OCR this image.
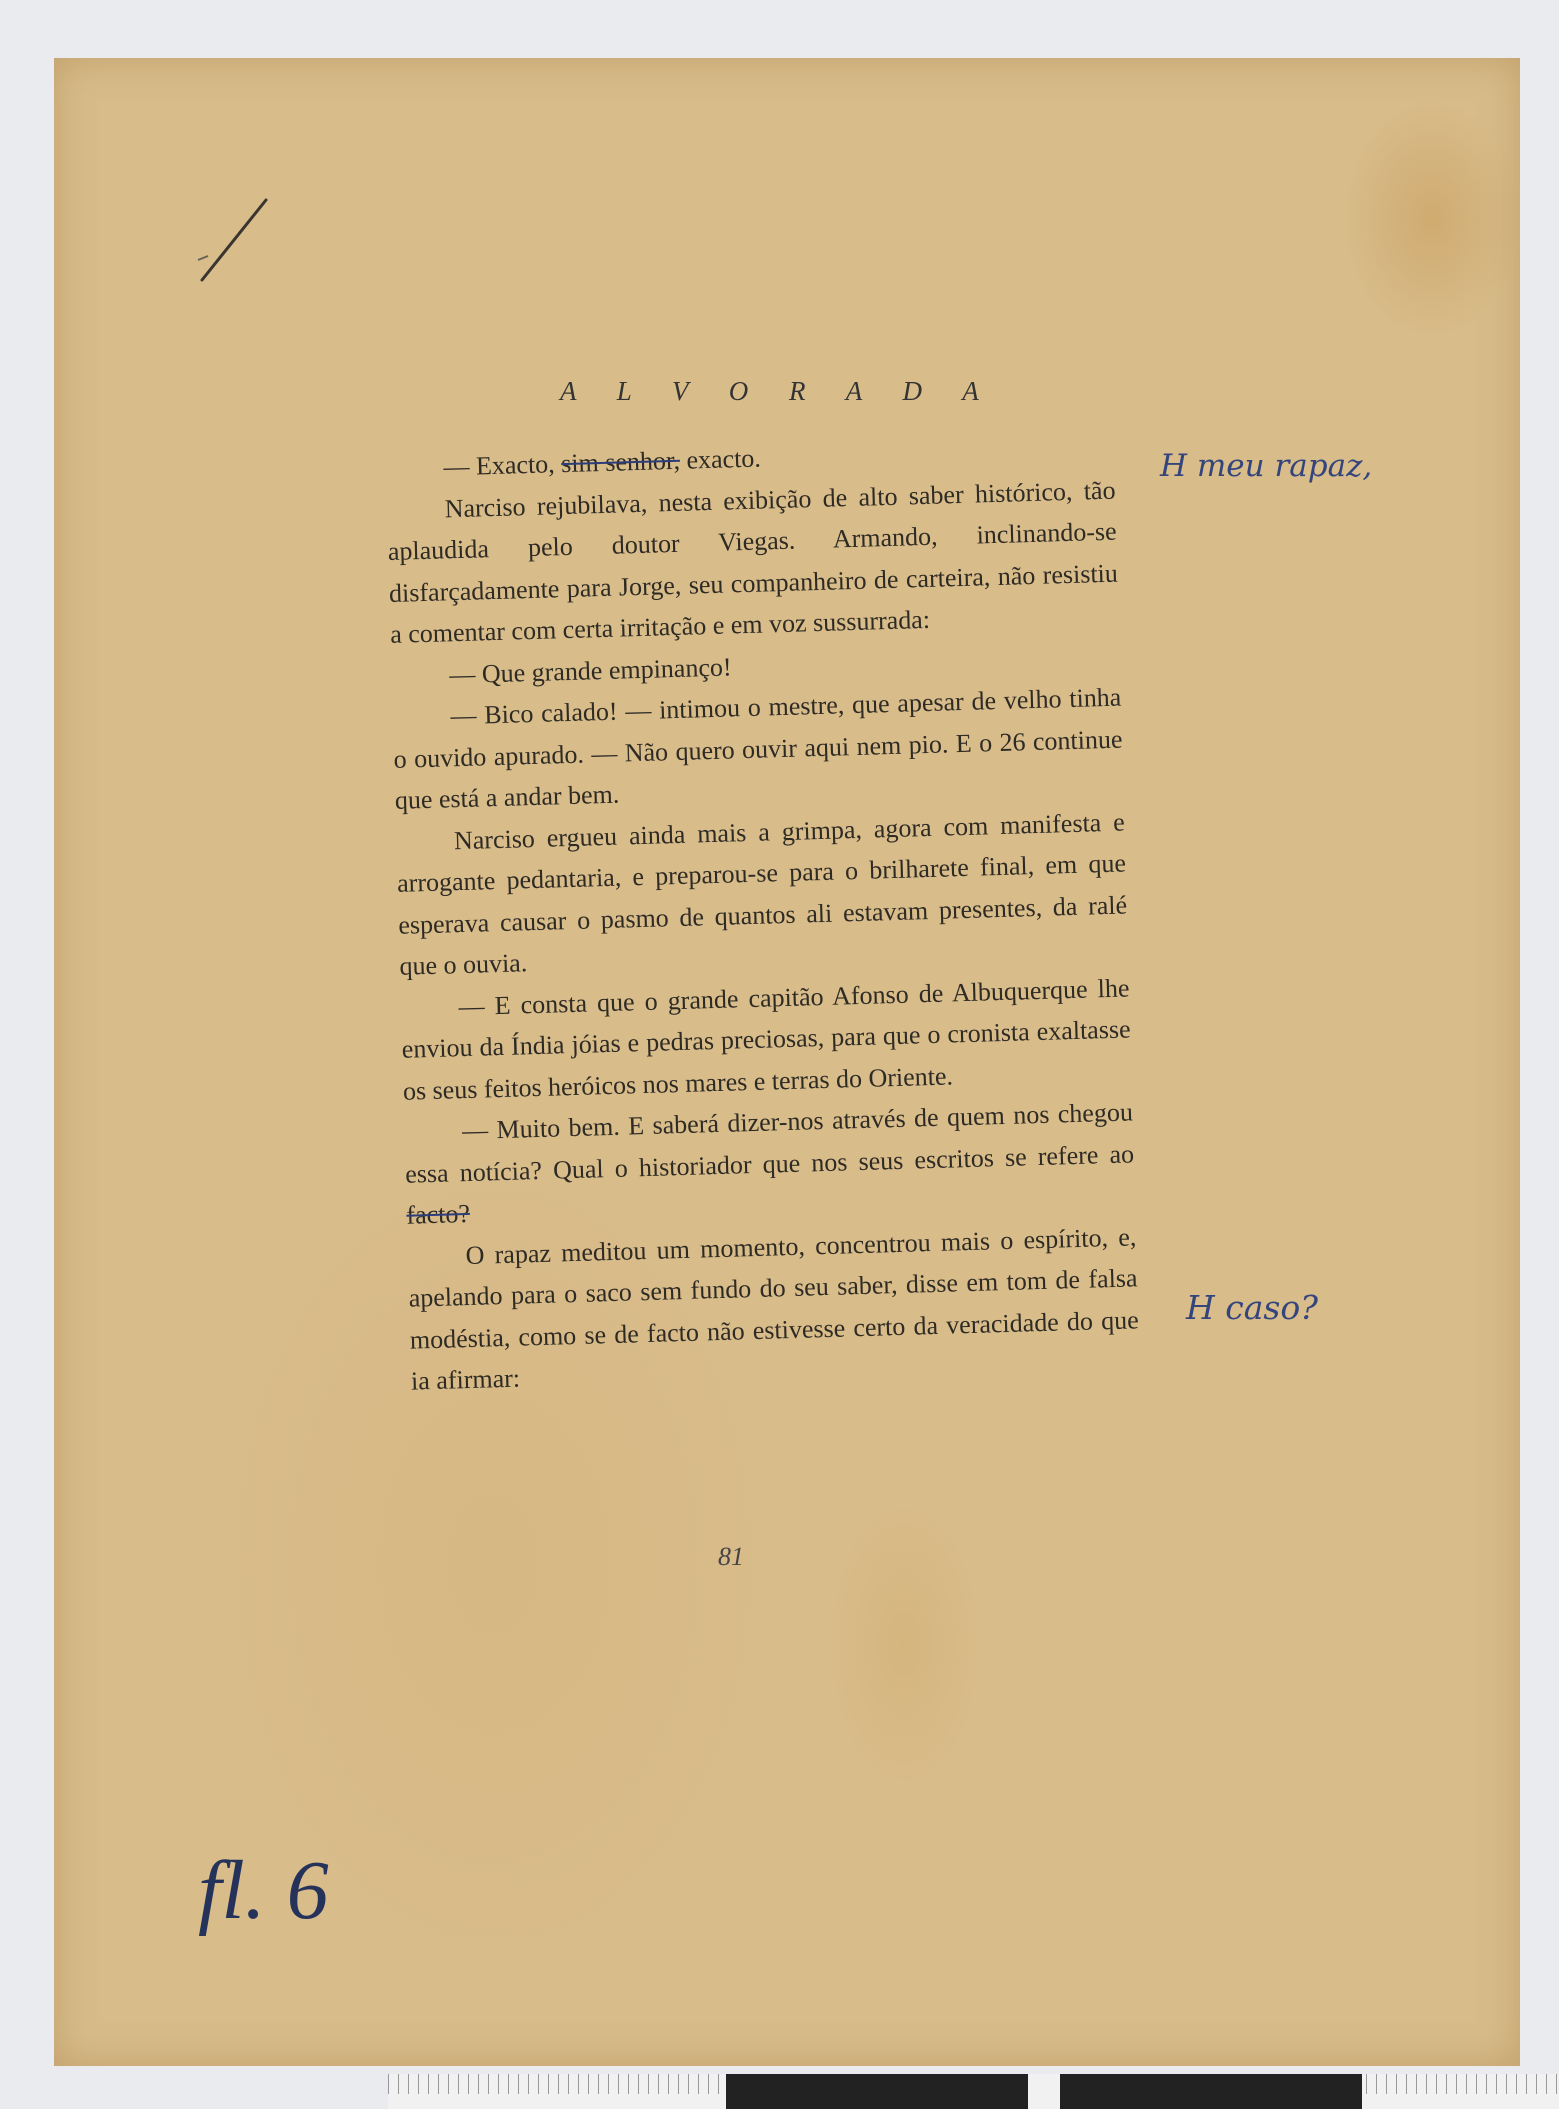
A L V O R A D A

— Exacto, sim senhor, exacto.

Narciso rejubilava, nesta exibição de alto saber histórico, tão aplaudida pelo doutor Viegas. Armando, inclinando-se disfarçadamente para Jorge, seu companheiro de carteira, não resistiu a comentar com certa irritação e em voz sussurrada:

— Que grande empinanço!

— Bico calado! — intimou o mestre, que apesar de velho tinha o ouvido apurado. — Não quero ouvir aqui nem pio. E o 26 continue que está a andar bem.

Narciso ergueu ainda mais a grimpa, agora com manifesta e arrogante pedantaria, e preparou-se para o brilharete final, em que esperava causar o pasmo de quantos ali estavam presentes, da ralé que o ouvia.

— E consta que o grande capitão Afonso de Albuquerque lhe enviou da Índia jóias e pedras preciosas, para que o cronista exaltasse os seus feitos heróicos nos mares e terras do Oriente.

— Muito bem. E saberá dizer-nos através de quem nos chegou essa notícia? Qual o historiador que nos seus escritos se refere ao facto?

O rapaz meditou um momento, concentrou mais o espírito, e, apelando para o saco sem fundo do seu saber, disse em tom de falsa modéstia, como se de facto não estivesse certo da veracidade do que ia afirmar:

81
H meu rapaz,
H caso?
fl. 6
